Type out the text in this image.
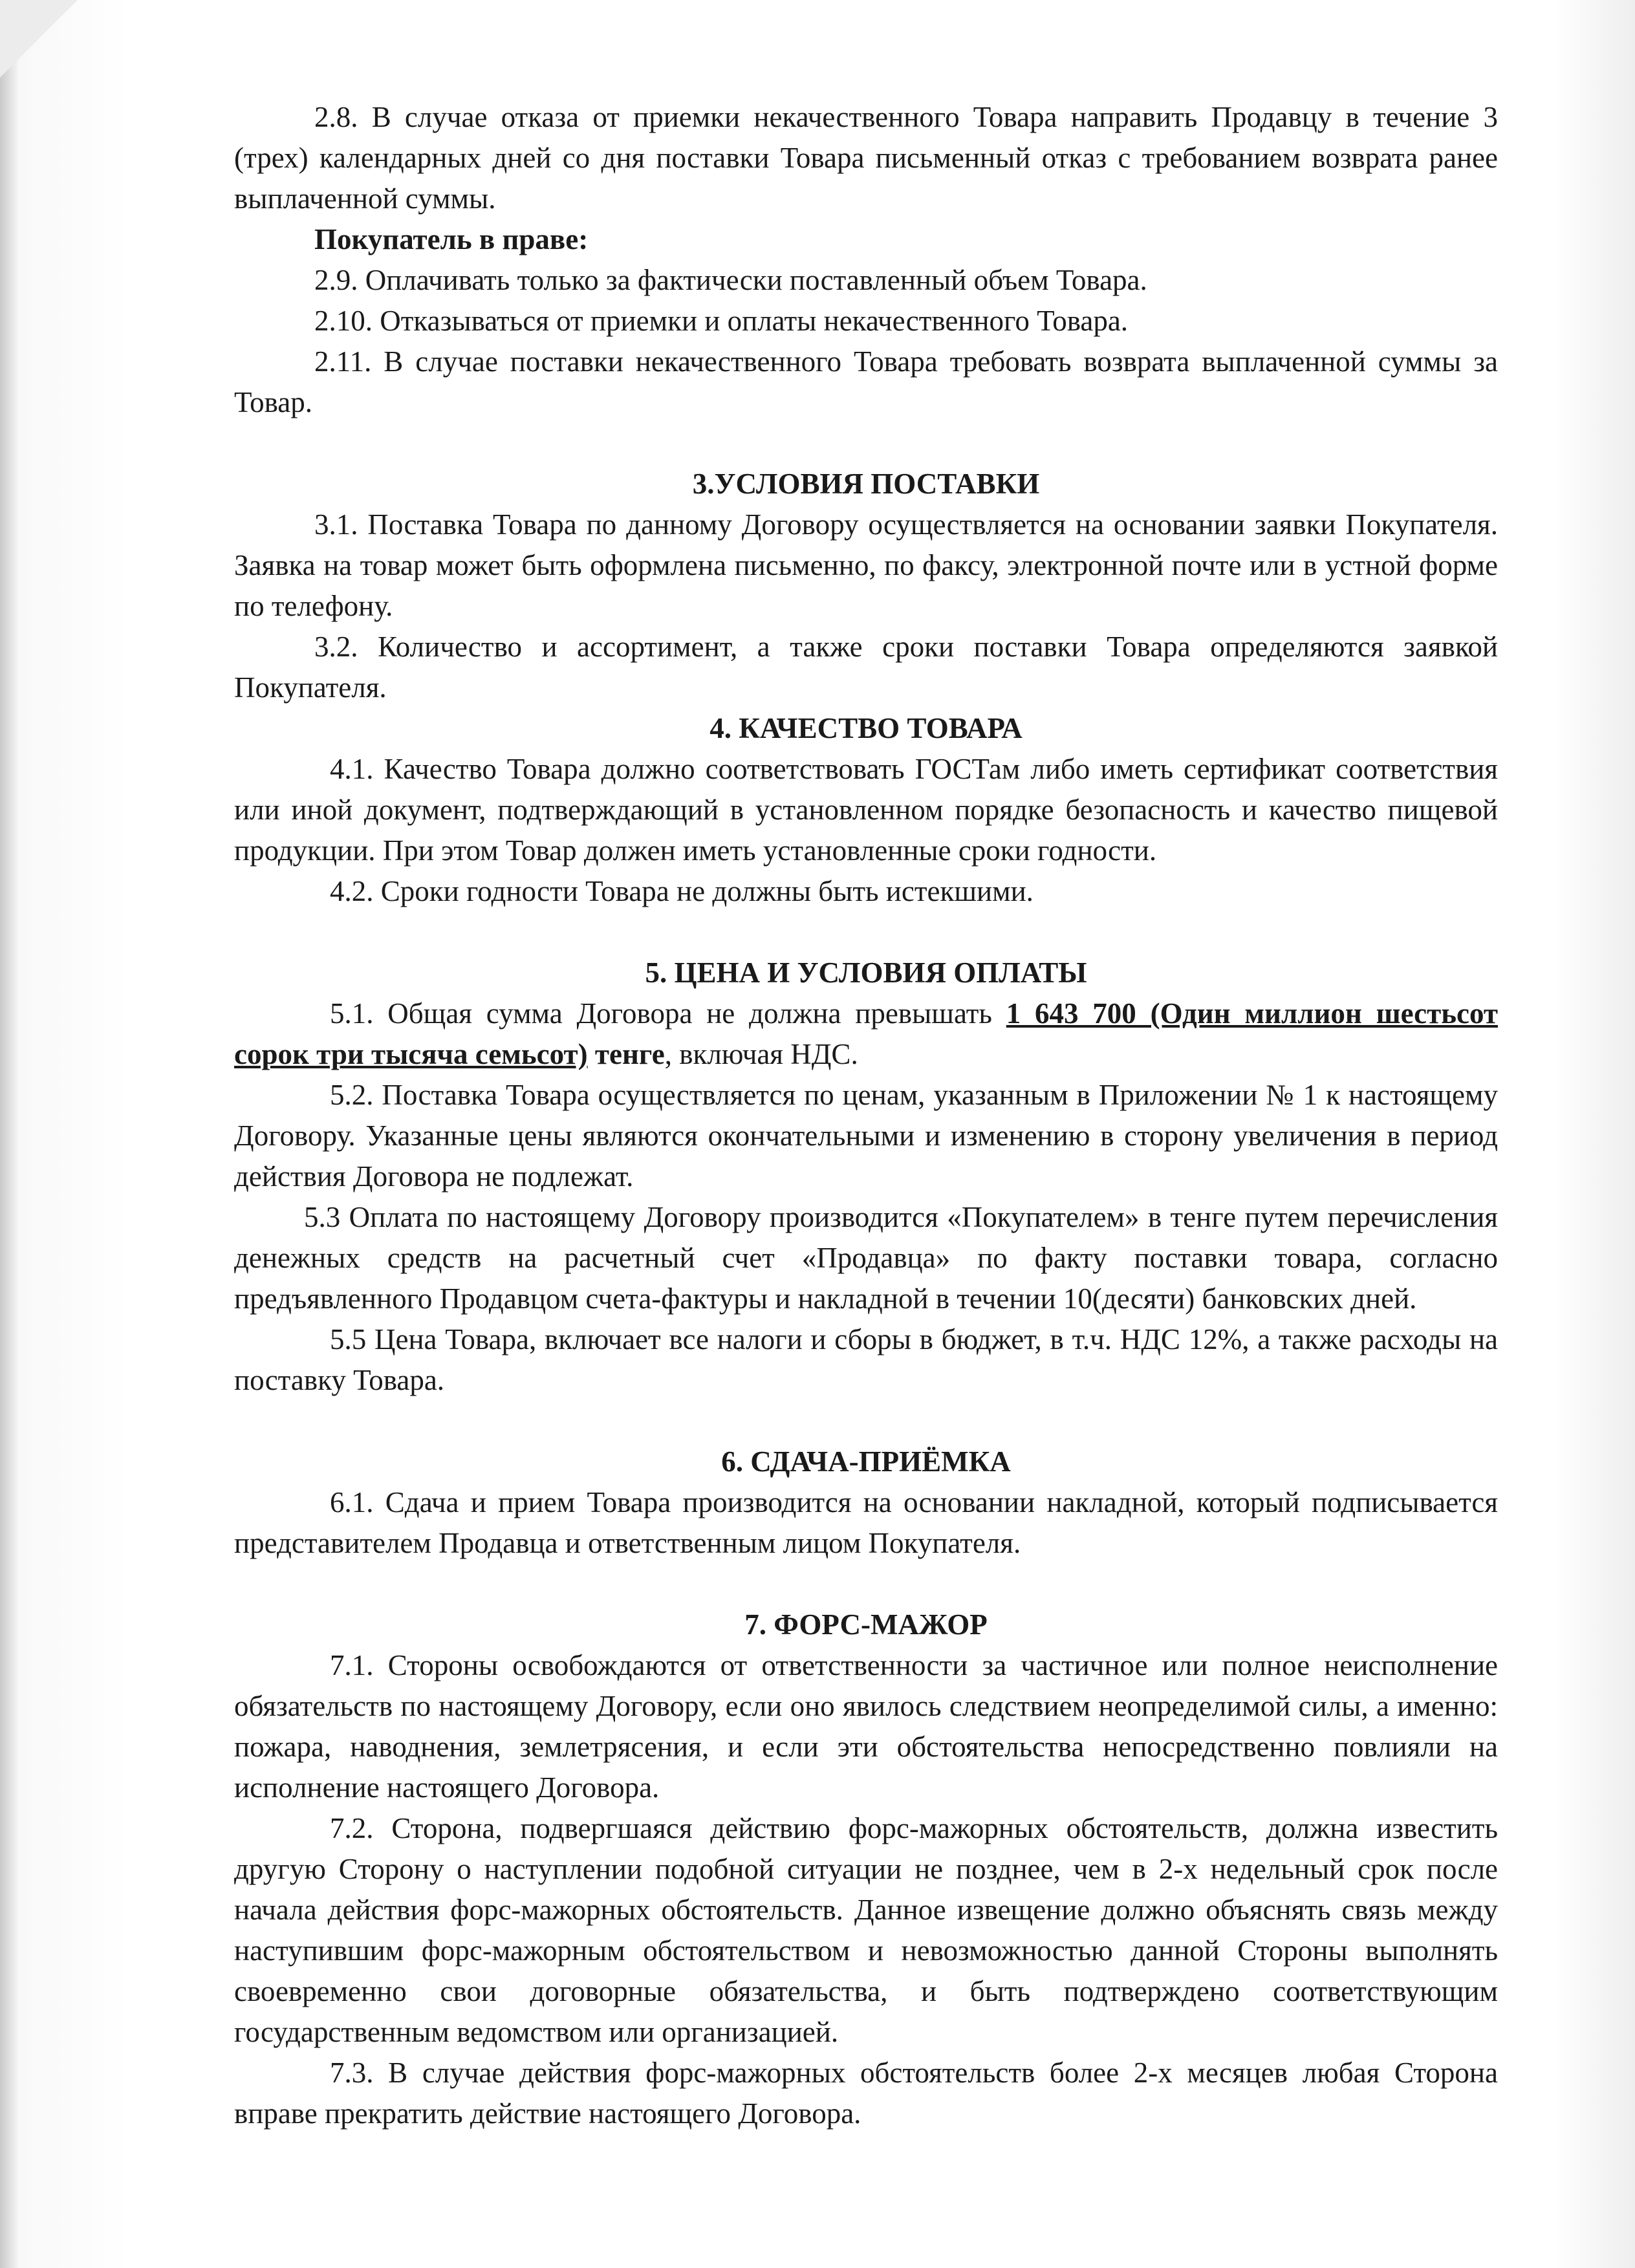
2.8. В случае отказа от приемки некачественного Товара направить Продавцу в течение 3 (трех) календарных дней со дня поставки Товара письменный отказ с требованием возврата ранее выплаченной суммы.

Покупатель в праве:

2.9. Оплачивать только за фактически поставленный объем Товара.

2.10. Отказываться от приемки и оплаты некачественного Товара.

2.11. В случае поставки некачественного Товара требовать возврата выплаченной суммы за Товар.

3.УСЛОВИЯ ПОСТАВКИ

3.1. Поставка Товара по данному Договору осуществляется на основании заявки Покупателя. Заявка на товар может быть оформлена письменно, по факсу, электронной почте или в устной форме по телефону.

3.2. Количество и ассортимент, а также сроки поставки Товара определяются заявкой Покупателя.

4. КАЧЕСТВО ТОВАРА

4.1. Качество Товара должно соответствовать ГОСТам либо иметь сертификат соответствия или иной документ, подтверждающий в установленном порядке безопасность и качество пищевой продукции. При этом Товар должен иметь установленные сроки годности.

4.2. Сроки годности Товара не должны быть истекшими.

5. ЦЕНА И УСЛОВИЯ ОПЛАТЫ

5.1. Общая сумма Договора не должна превышать 1 643 700 (Один миллион шестьсот сорок три тысяча семьсот) тенге, включая НДС.

5.2. Поставка Товара осуществляется по ценам, указанным в Приложении № 1 к настоящему Договору. Указанные цены являются окончательными и изменению в сторону увеличения в период действия Договора не подлежат.

5.3 Оплата по настоящему Договору производится «Покупателем» в тенге путем перечисления денежных средств на расчетный счет «Продавца» по факту поставки товара, согласно предъявленного Продавцом счета-фактуры и накладной в течении 10(десяти) банковских дней.

5.5 Цена Товара, включает все налоги и сборы в бюджет, в т.ч. НДС 12%, а также расходы на поставку Товара.

6. СДАЧА-ПРИЁМКА

6.1. Сдача и прием Товара производится на основании накладной, который подписывается представителем Продавца и ответственным лицом Покупателя.

7. ФОРС-МАЖОР

7.1. Стороны освобождаются от ответственности за частичное или полное неисполнение обязательств по настоящему Договору, если оно явилось следствием неопределимой силы, а именно: пожара, наводнения, землетрясения, и если эти обстоятельства непосредственно повлияли на исполнение настоящего Договора.

7.2. Сторона, подвергшаяся действию форс-мажорных обстоятельств, должна известить другую Сторону о наступлении подобной ситуации не позднее, чем в 2-х недельный срок после начала действия форс-мажорных обстоятельств. Данное извещение должно объяснять связь между наступившим форс-мажорным обстоятельством и невозможностью данной Стороны выполнять своевременно свои договорные обязательства, и быть подтверждено соответствующим государственным ведомством или организацией.

7.3. В случае действия форс-мажорных обстоятельств более 2-х месяцев любая Сторона вправе прекратить действие настоящего Договора.
